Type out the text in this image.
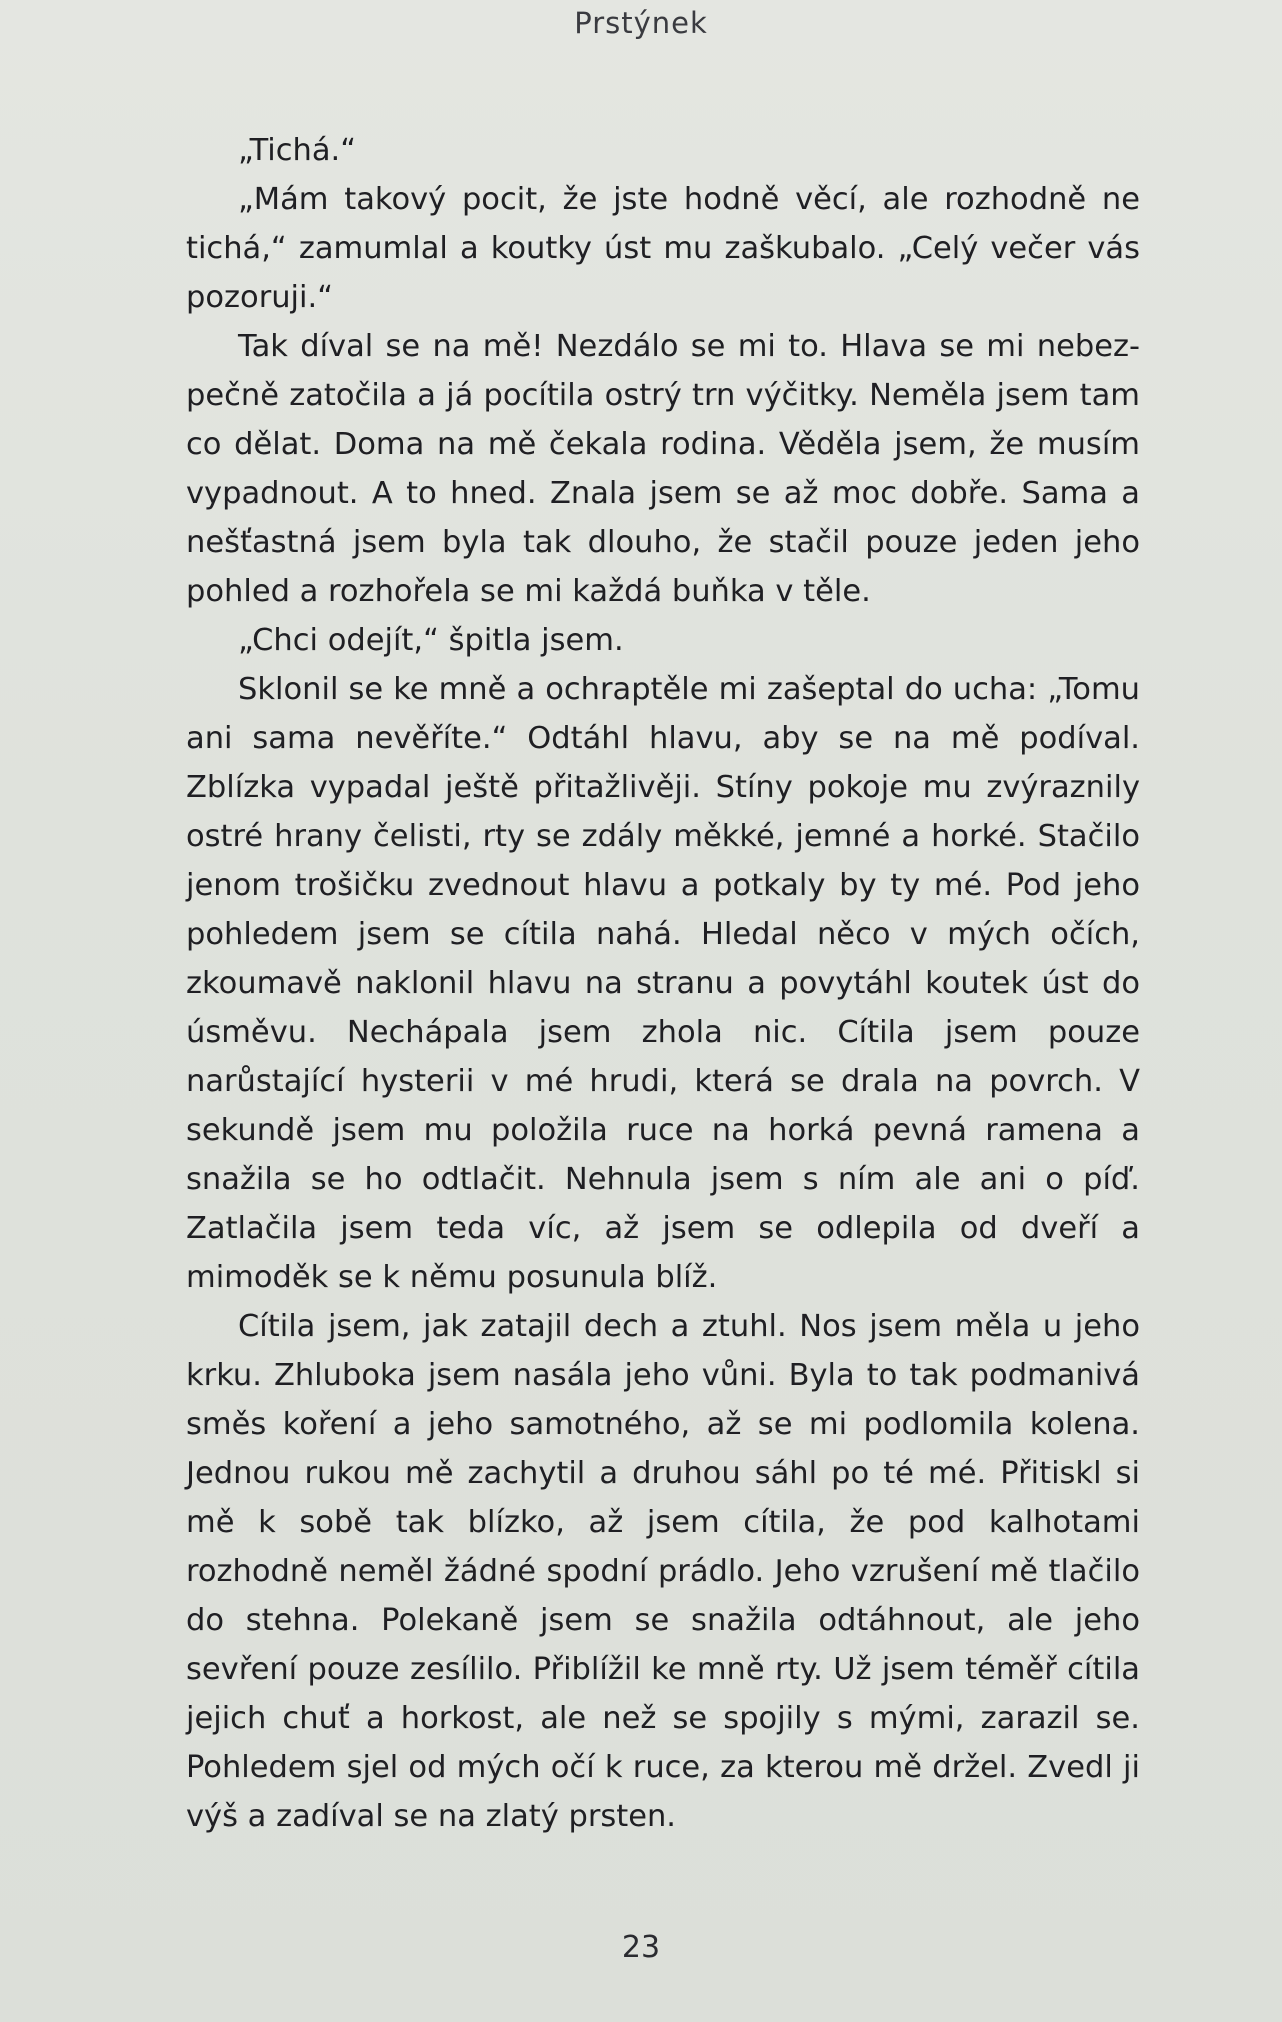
Prstýnek

„Tichá.“

„Mám takový pocit, že jste hodně věcí, ale rozhodně ne tichá,“ zamumlal a koutky úst mu zaškubalo. „Celý večer vás pozoruji.“

Tak díval se na mě! Nezdálo se mi to. Hlava se mi nebezpečně zatočila a já pocítila ostrý trn výčitky. Neměla jsem tam co dělat. Doma na mě čekala rodina. Věděla jsem, že musím vypadnout. A to hned. Znala jsem se až moc dobře. Sama a nešťastná jsem byla tak dlouho, že stačil pouze jeden jeho pohled a rozhořela se mi každá buňka v těle.

„Chci odejít,“ špitla jsem.

Sklonil se ke mně a ochraptěle mi zašeptal do ucha: „Tomu ani sama nevěříte.“ Odtáhl hlavu, aby se na mě podíval. Zblízka vypadal ještě přitažlivěji. Stíny pokoje mu zvýraznily ostré hrany čelisti, rty se zdály měkké, jemné a horké. Stačilo jenom trošičku zvednout hlavu a potkaly by ty mé. Pod jeho pohledem jsem se cítila nahá. Hledal něco v mých očích, zkoumavě naklonil hlavu na stranu a povytáhl koutek úst do úsměvu. Nechápala jsem zhola nic. Cítila jsem pouze narůstající hysterii v mé hrudi, která se drala na povrch. V sekundě jsem mu položila ruce na horká pevná ramena a snažila se ho odtlačit. Nehnula jsem s ním ale ani o píď. Zatlačila jsem teda víc, až jsem se odlepila od dveří a mimoděk se k němu posunula blíž.

Cítila jsem, jak zatajil dech a ztuhl. Nos jsem měla u jeho krku. Zhluboka jsem nasála jeho vůni. Byla to tak podmanivá směs koření a jeho samotného, až se mi podlomila kolena. Jednou rukou mě zachytil a druhou sáhl po té mé. Přitiskl si mě k sobě tak blízko, až jsem cítila, že pod kalhotami rozhodně neměl žádné spodní prádlo. Jeho vzrušení mě tlačilo do stehna. Polekaně jsem se snažila odtáhnout, ale jeho sevření pouze zesílilo. Přiblížil ke mně rty. Už jsem téměř cítila jejich chuť a horkost, ale než se spojily s mými, zarazil se. Pohledem sjel od mých očí k ruce, za kterou mě držel. Zvedl ji výš a zadíval se na zlatý prsten.

23
